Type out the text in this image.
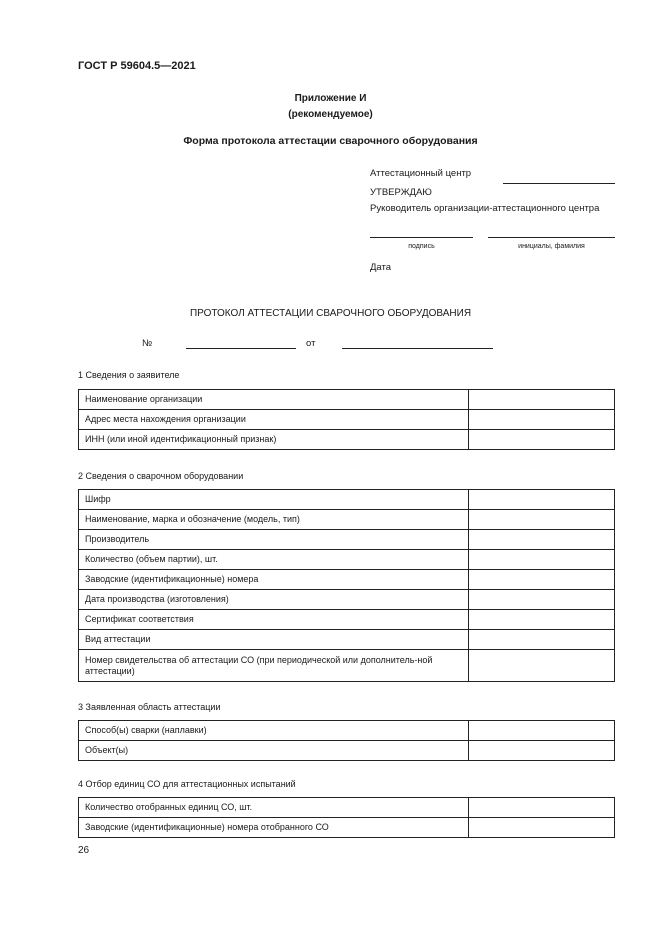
ГОСТ Р 59604.5—2021
Приложение И
(рекомендуемое)
Форма протокола аттестации сварочного оборудования
Аттестационный центр
УТВЕРЖДАЮ
Руководитель организации-аттестационного центра
подпись	инициалы, фамилия
Дата
ПРОТОКОЛ АТТЕСТАЦИИ СВАРОЧНОГО ОБОРУДОВАНИЯ
№	от
1 Сведения о заявителе
Наименование организации	
Адрес места нахождения организации	
ИНН (или иной идентификационный признак)	
2 Сведения о сварочном оборудовании
Шифр	
Наименование, марка и обозначение (модель, тип)	
Производитель	
Количество (объем партии), шт.	
Заводские (идентификационные) номера	
Дата производства (изготовления)	
Сертификат соответствия	
Вид аттестации	
Номер свидетельства об аттестации СО (при периодической или дополнитель-ной аттестации)	
3 Заявленная область аттестации
Способ(ы) сварки (наплавки)	
Объект(ы)	
4 Отбор единиц СО для аттестационных испытаний
Количество отобранных единиц СО, шт.	
Заводские (идентификационные) номера отобранного СО	
26
